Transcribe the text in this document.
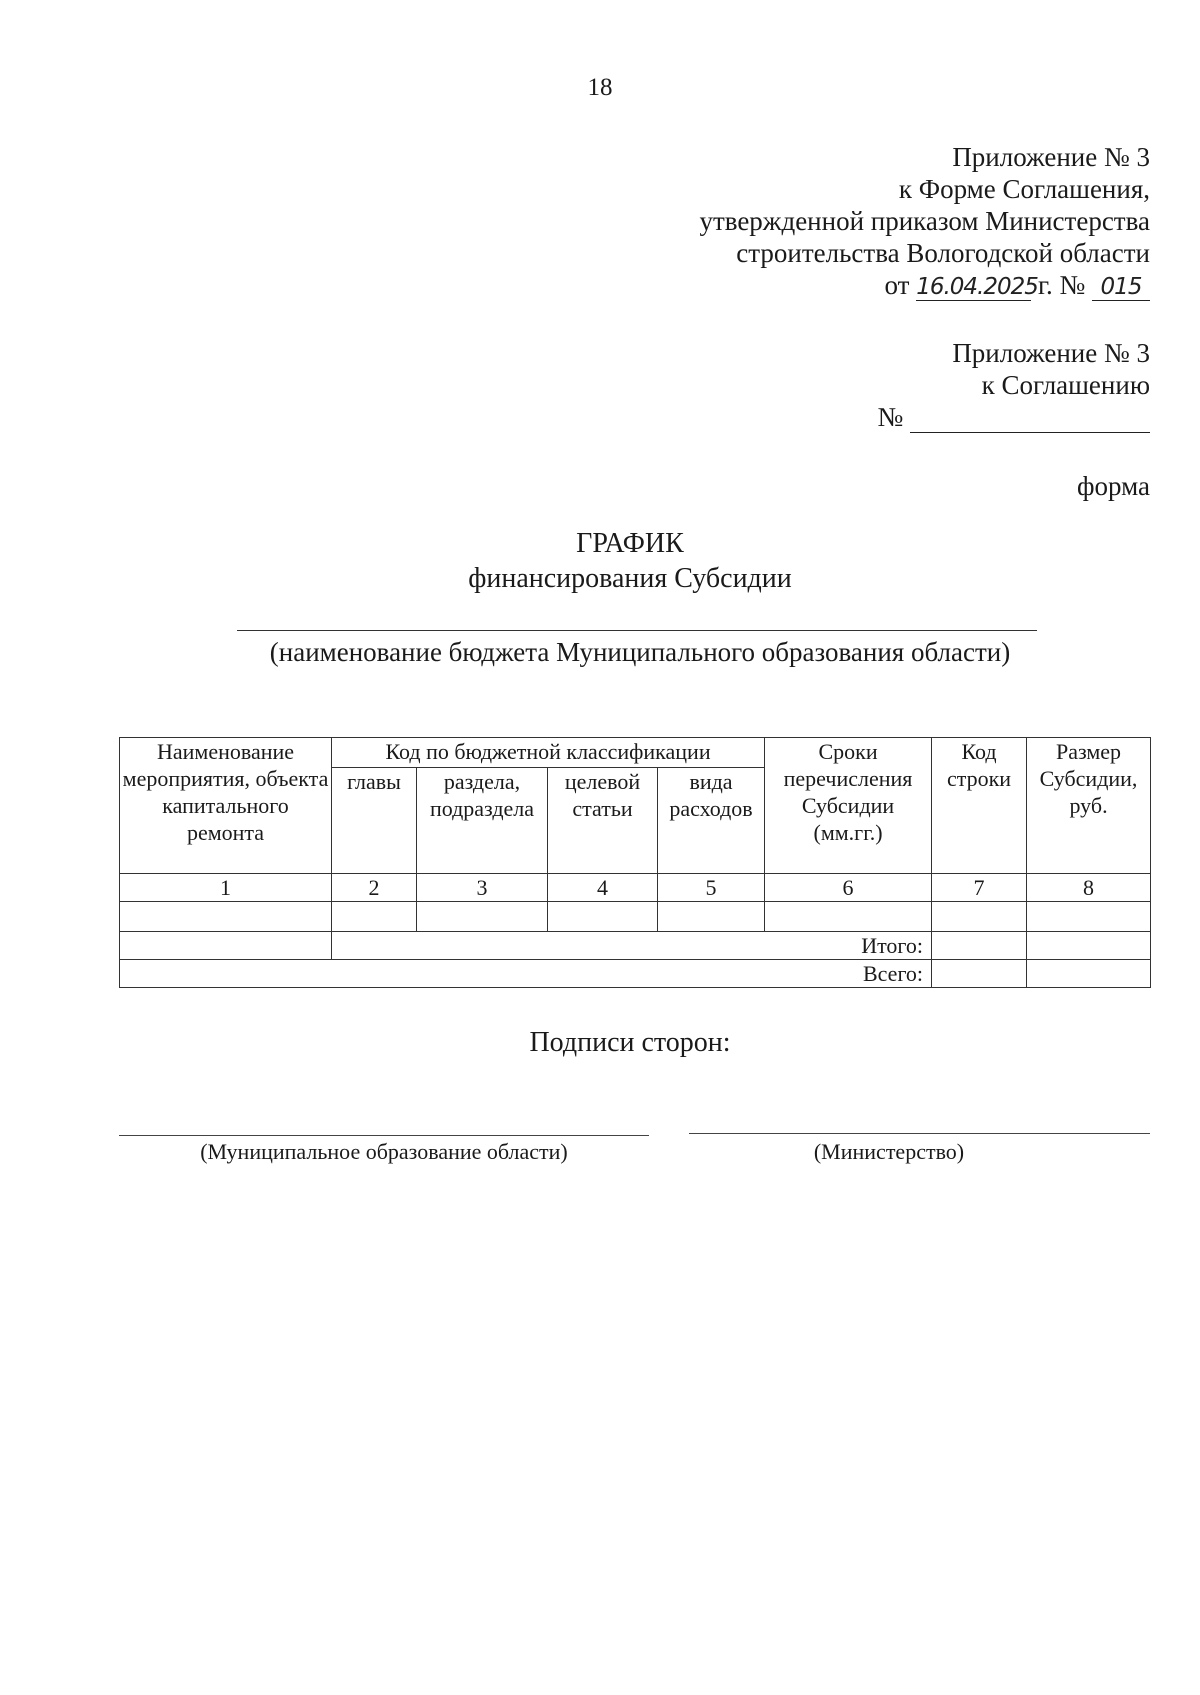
18
Приложение № 3
к Форме Соглашения,
утвержденной приказом Министерства
строительства Вологодской области
от 16.04.2025 г. № 015
Приложение № 3
к Соглашению
№
форма
ГРАФИК
финансирования Субсидии
(наименование бюджета Муниципального образования области)
Наименование мероприятия, объекта капитального ремонта	Код по бюджетной классификации				Сроки перечисления Субсидии (мм.гг.)	Код строки	Размер Субсидии, руб.
	главы	раздела, подраздела	целевой статьи	вида расходов			
1	2	3	4	5	6	7	8

	Итого:						
Всего:							
Подписи сторон:
(Муниципальное образование области)	(Министерство)
